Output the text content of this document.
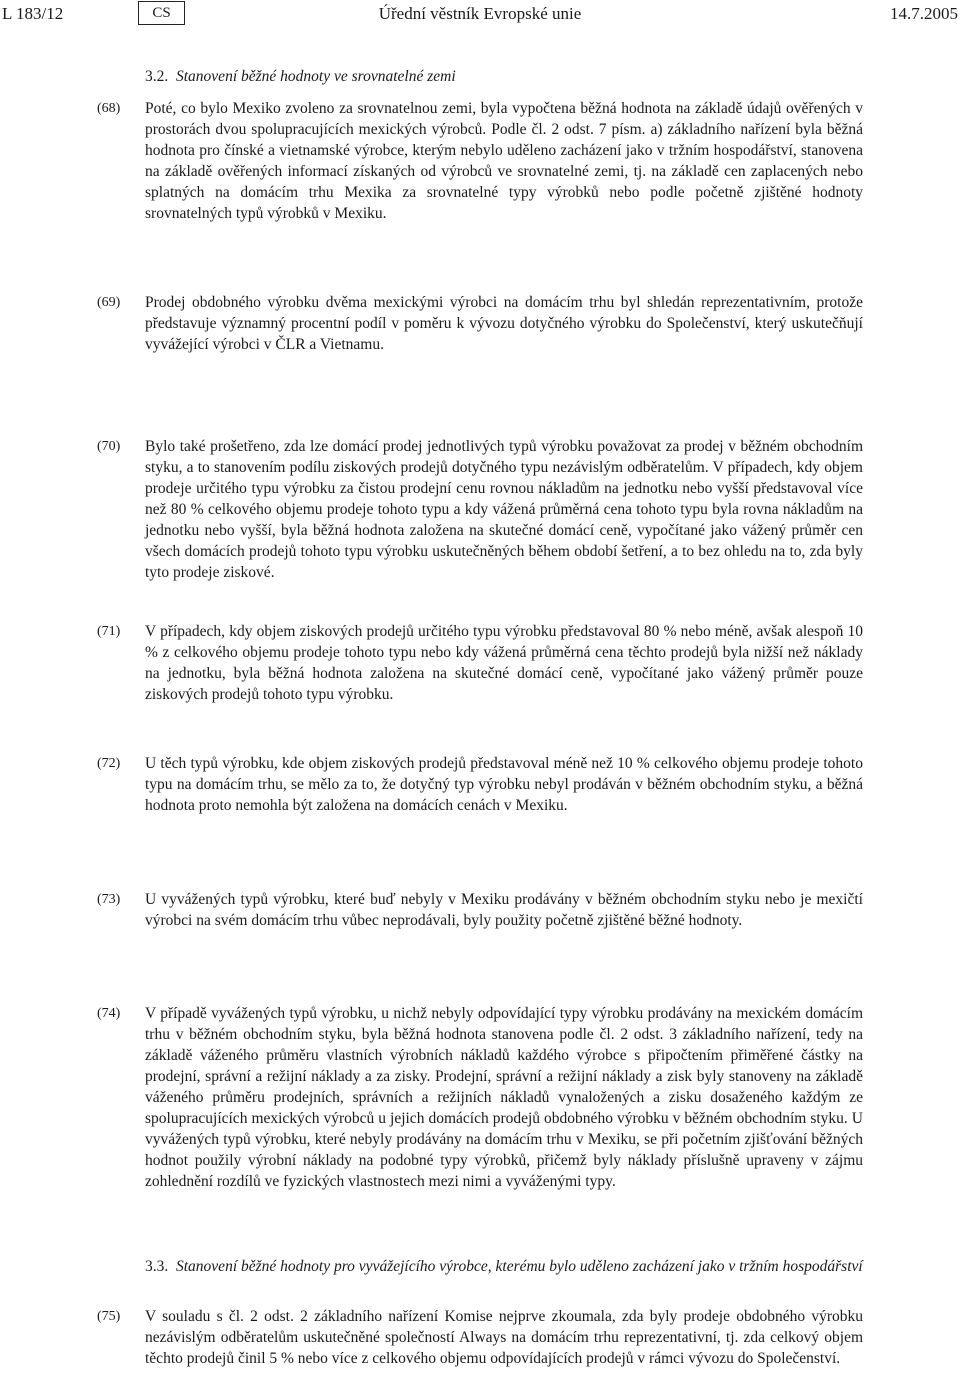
L 183/12	CS	Úřední věstník Evropské unie	14.7.2005
3.2. Stanovení běžné hodnoty ve srovnatelné zemi
(68) Poté, co bylo Mexiko zvoleno za srovnatelnou zemi, byla vypočtena běžná hodnota na základě údajů ověřených v prostorách dvou spolupracujících mexických výrobců. Podle čl. 2 odst. 7 písm. a) základního nařízení byla běžná hodnota pro čínské a vietnamské výrobce, kterým nebylo uděleno zacházení jako v tržním hospodářství, stanovena na základě ověřených informací získaných od výrobců ve srovnatelné zemi, tj. na základě cen zaplacených nebo splatných na domácím trhu Mexika za srovnatelné typy výrobků nebo podle početně zjištěné hodnoty srovnatelných typů výrobků v Mexiku.
(69) Prodej obdobného výrobku dvěma mexickými výrobci na domácím trhu byl shledán reprezentativním, protože představuje významný procentní podíl v poměru k vývozu dotyčného výrobku do Společenství, který uskutečňují vyvážející výrobci v ČLR a Vietnamu.
(70) Bylo také prošetřeno, zda lze domácí prodej jednotlivých typů výrobku považovat za prodej v běžném obchodním styku, a to stanovením podílu ziskových prodejů dotyčného typu nezávislým odběratelům. V případech, kdy objem prodeje určitého typu výrobku za čistou prodejní cenu rovnou nákladům na jednotku nebo vyšší představoval více než 80 % celkového objemu prodeje tohoto typu a kdy vážená průměrná cena tohoto typu byla rovna nákladům na jednotku nebo vyšší, byla běžná hodnota založena na skutečné domácí ceně, vypočítané jako vážený průměr cen všech domácích prodejů tohoto typu výrobku uskutečněných během období šetření, a to bez ohledu na to, zda byly tyto prodeje ziskové.
(71) V případech, kdy objem ziskových prodejů určitého typu výrobku představoval 80 % nebo méně, avšak alespoň 10 % z celkového objemu prodeje tohoto typu nebo kdy vážená průměrná cena těchto prodejů byla nižší než náklady na jednotku, byla běžná hodnota založena na skutečné domácí ceně, vypočítané jako vážený průměr pouze ziskových prodejů tohoto typu výrobku.
(72) U těch typů výrobku, kde objem ziskových prodejů představoval méně než 10 % celkového objemu prodeje tohoto typu na domácím trhu, se mělo za to, že dotyčný typ výrobku nebyl prodáván v běžném obchodním styku, a běžná hodnota proto nemohla být založena na domácích cenách v Mexiku.
(73) U vyvážených typů výrobku, které buď nebyly v Mexiku prodávány v běžném obchodním styku nebo je mexičtí výrobci na svém domácím trhu vůbec neprodávali, byly použity početně zjištěné běžné hodnoty.
(74) V případě vyvážených typů výrobku, u nichž nebyly odpovídající typy výrobku prodávány na mexickém domácím trhu v běžném obchodním styku, byla běžná hodnota stanovena podle čl. 2 odst. 3 základního nařízení, tedy na základě váženého průměru vlastních výrobních nákladů každého výrobce s připočtením přiměřené částky na prodejní, správní a režijní náklady a za zisky. Prodejní, správní a režijní náklady a zisk byly stanoveny na základě váženého průměru prodejních, správních a režijních nákladů vynaložených a zisku dosaženého každým ze spolupracujících mexických výrobců u jejich domácích prodejů obdobného výrobku v běžném obchodním styku. U vyvážených typů výrobku, které nebyly prodávány na domácím trhu v Mexiku, se při početním zjišťování běžných hodnot použily výrobní náklady na podobné typy výrobků, přičemž byly náklady příslušně upraveny v zájmu zohlednění rozdílů ve fyzických vlastnostech mezi nimi a vyváženými typy.
3.3. Stanovení běžné hodnoty pro vyvážejícího výrobce, kterému bylo uděleno zacházení jako v tržním hospodářství
(75) V souladu s čl. 2 odst. 2 základního nařízení Komise nejprve zkoumala, zda byly prodeje obdobného výrobku nezávislým odběratelům uskutečněné společností Always na domácím trhu reprezentativní, tj. zda celkový objem těchto prodejů činil 5 % nebo více z celkového objemu odpovídajících prodejů v rámci vývozu do Společenství.
